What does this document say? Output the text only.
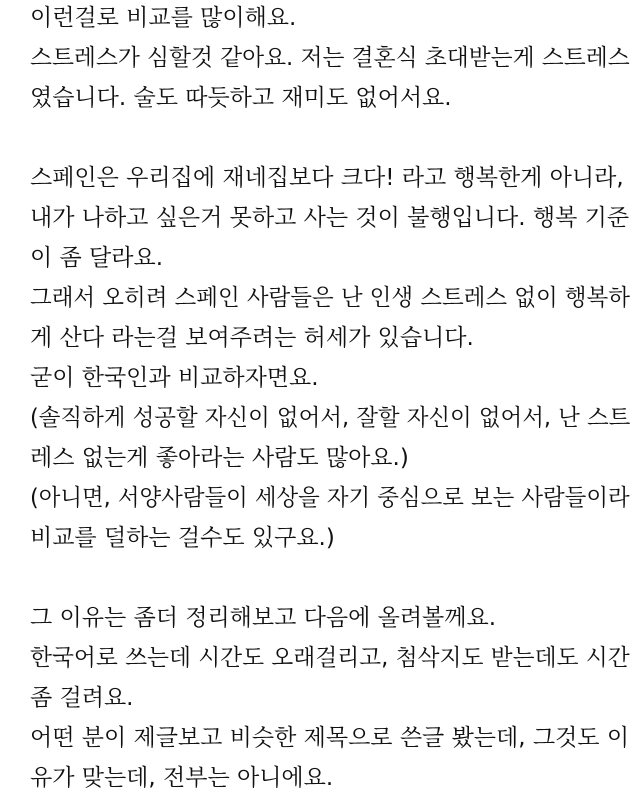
이런걸로 비교를 많이해요.
스트레스가 심할것 같아요. 저는 결혼식 초대받는게 스트레스
였습니다. 술도 따듯하고 재미도 없어서요.
스페인은 우리집에 재네집보다 크다! 라고 행복한게 아니라,
내가 나하고 싶은거 못하고 사는 것이 불행입니다. 행복 기준
이 좀 달라요.
그래서 오히려 스페인 사람들은 난 인생 스트레스 없이 행복하
게 산다 라는걸 보여주려는 허세가 있습니다.
굳이 한국인과 비교하자면요.
(솔직하게 성공할 자신이 없어서, 잘할 자신이 없어서, 난 스트
레스 없는게 좋아라는 사람도 많아요.)
(아니면, 서양사람들이 세상을 자기 중심으로 보는 사람들이라
비교를 덜하는 걸수도 있구요.)
그 이유는 좀더 정리해보고 다음에 올려볼께요.
한국어로 쓰는데 시간도 오래걸리고, 첨삭지도 받는데도 시간
좀 걸려요.
어떤 분이 제글보고 비슷한 제목으로 쓴글 봤는데, 그것도 이
유가 맞는데, 전부는 아니에요.
